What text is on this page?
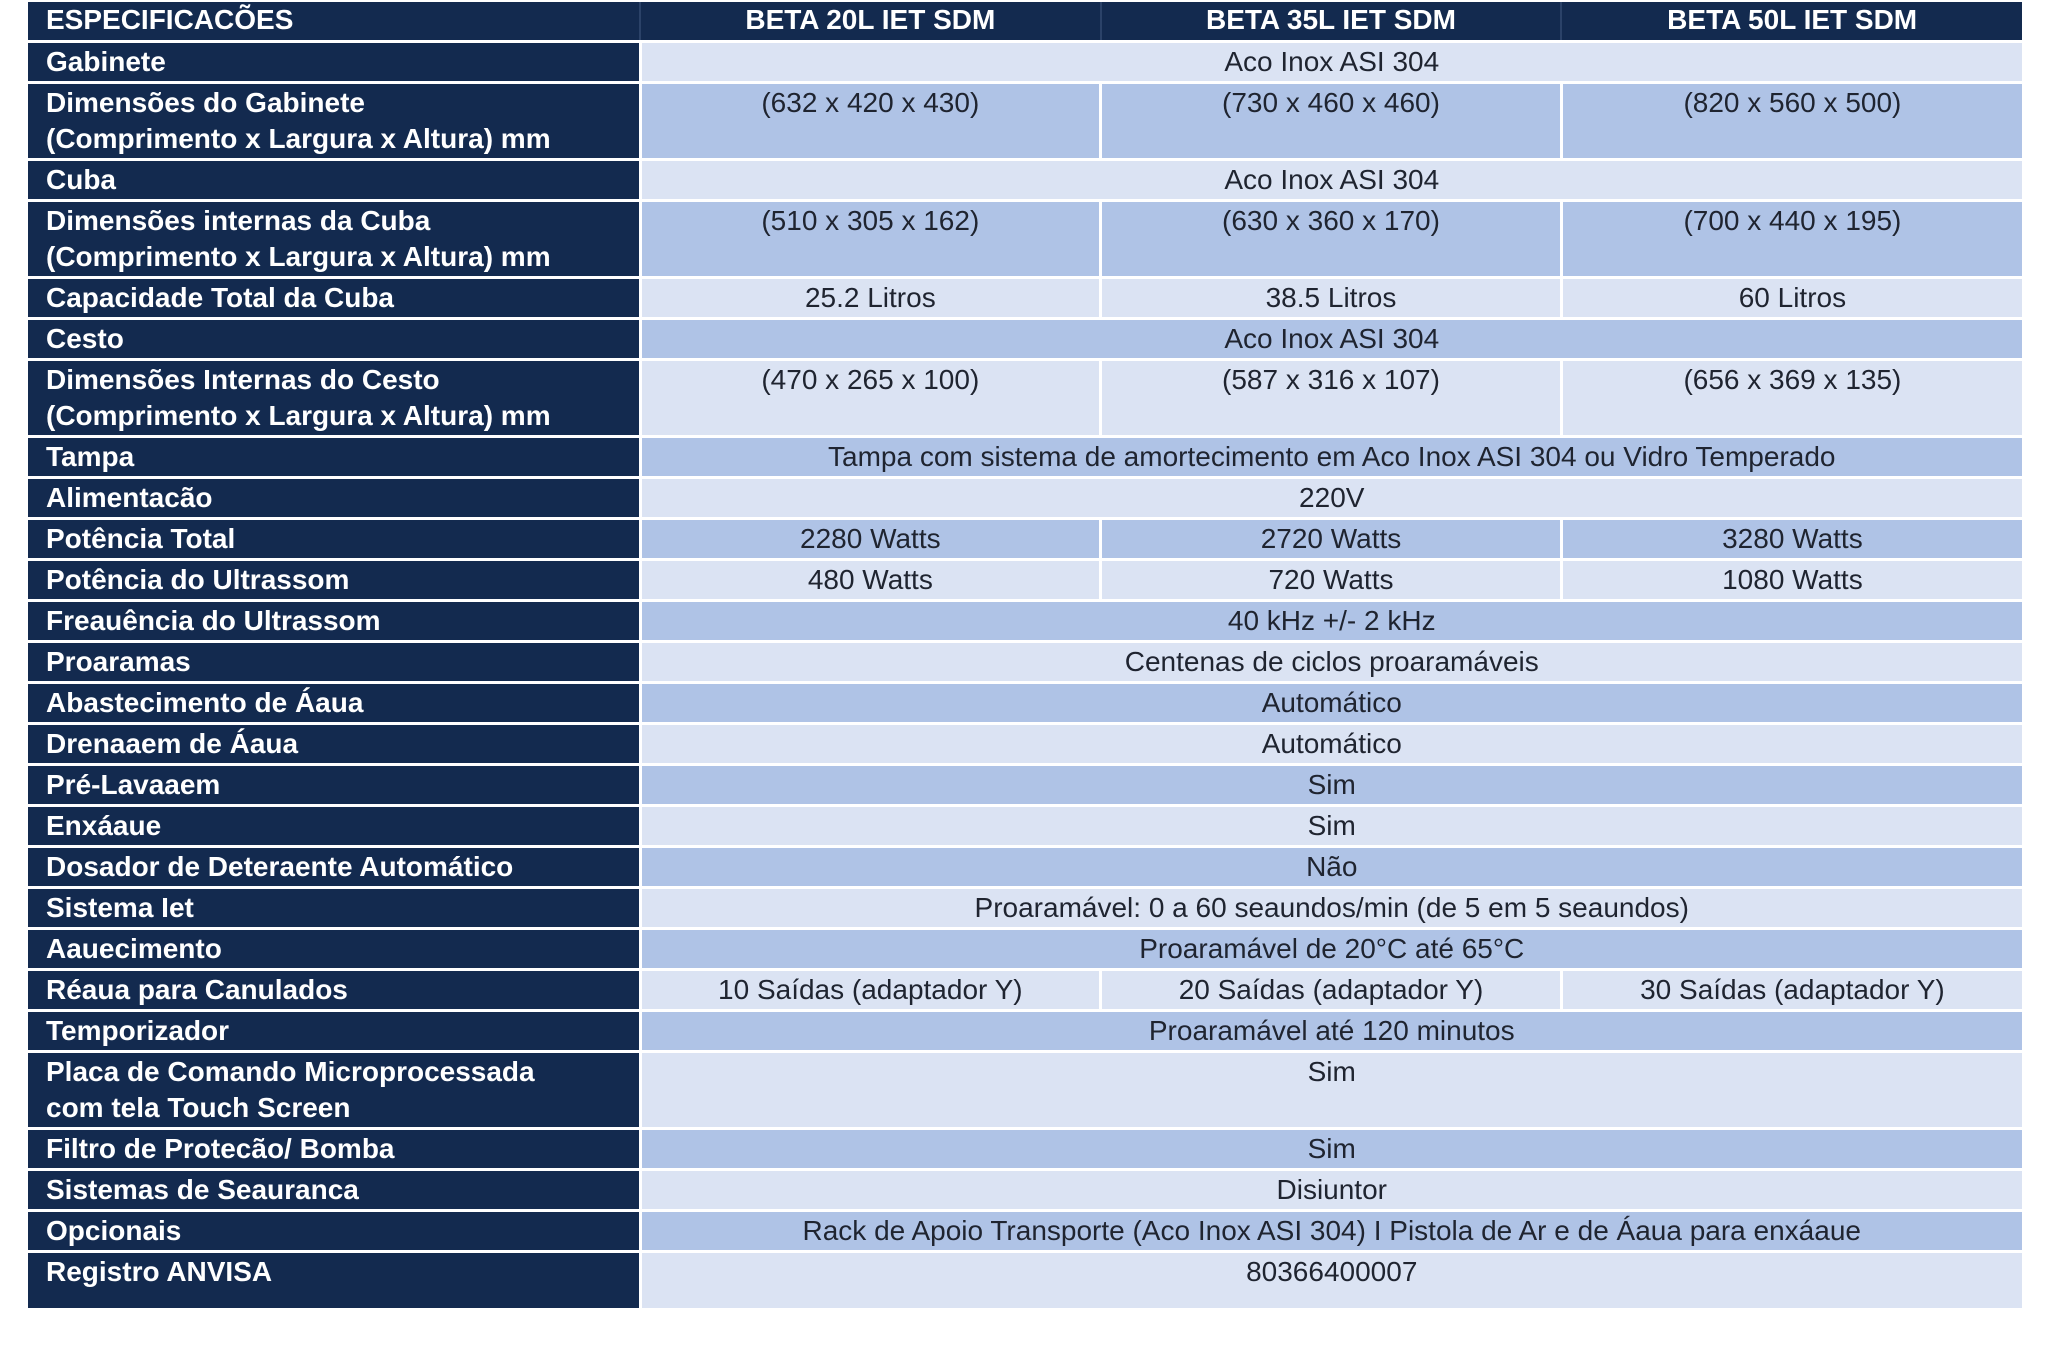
ESPECIFICACÕES	BETA 20L IET SDM	BETA 35L IET SDM	BETA 50L IET SDM

Gabinete	Aco Inox ASI 304		

Dimensões do Gabinete
(Comprimento x Largura x Altura) mm	(632 x 420 x 430)	(730 x 460 x 460)	(820 x 560 x 500)

Cuba	Aco Inox ASI 304		

Dimensões internas da Cuba
(Comprimento x Largura x Altura) mm	(510 x 305 x 162)	(630 x 360 x 170)	(700 x 440 x 195)

Capacidade Total da Cuba	25.2 Litros	38.5 Litros	60 Litros

Cesto	Aco Inox ASI 304		

Dimensões Internas do Cesto
(Comprimento x Largura x Altura) mm	(470 x 265 x 100)	(587 x 316 x 107)	(656 x 369 x 135)

Tampa	Tampa com sistema de amortecimento em Aco Inox ASI 304 ou Vidro Temperado		

Alimentacão	220V		

Potência Total	2280 Watts	2720 Watts	3280 Watts

Potência do Ultrassom	480 Watts	720 Watts	1080 Watts

Freauência do Ultrassom	40 kHz +/- 2 kHz		

Proaramas	Centenas de ciclos proaramáveis		

Abastecimento de Áaua	Automático		

Drenaaem de Áaua	Automático		

Pré-Lavaaem	Sim		

Enxáaue	Sim		

Dosador de Deteraente Automático	Não		

Sistema Iet	Proaramável: 0 a 60 seaundos/min (de 5 em 5 seaundos)		

Aauecimento	Proaramável de 20°C até 65°C		

Réaua para Canulados	10 Saídas (adaptador Y)	20 Saídas (adaptador Y)	30 Saídas (adaptador Y)

Temporizador	Proaramável até 120 minutos		

Placa de Comando Microprocessada
com tela Touch Screen	Sim		

Filtro de Protecão/ Bomba	Sim		

Sistemas de Seauranca	Disiuntor		

Opcionais	Rack de Apoio Transporte (Aco Inox ASI 304) I Pistola de Ar e de Áaua para enxáaue		

Registro ANVISA	80366400007		
